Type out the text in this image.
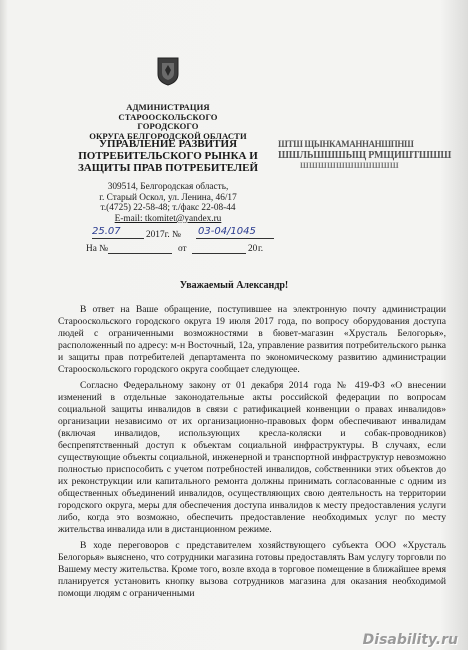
АДМИНИСТРАЦИЯ
СТАРООСКОЛЬСКОГО ГОРОДСКОГО
ОКРУГА БЕЛГОРОДСКОЙ ОБЛАСТИ
УПРАВЛЕНИЕ РАЗВИТИЯ
ПОТРЕБИТЕЛЬСКОГО РЫНКА И
ЗАЩИТЫ ПРАВ ПОТРЕБИТЕЛЕЙ
309514, Белгородская область,
г. Старый Оскол, ул. Ленина, 46/17
т.(4725) 22-58-48; т./факс 22-08-44
E-mail: tkomitet@yandex.ru
25.07	2017г. № 03-04/1045
На №	от	20 г.
ШТШ ЩЫНКАМАННАНШПНШ
ШШЛЬШШШЫЩ РМЩИШТШШШ
ШШШШШШШШШШШ
Уважаемый Александр!

В ответ на Ваше обращение, поступившее на электронную почту администрации Старооскольского городского округа 19 июля 2017 года, по вопросу оборудования доступа людей с ограниченными возможностями в бювет-магазин «Хрусталь Белогорья», расположенный по адресу: м-н Восточный, 12а, управление развития потребительского рынка и защиты прав потребителей департамента по экономическому развитию администрации Старооскольского городского округа сообщает следующее.

Согласно Федеральному закону от 01 декабря 2014 года № 419-ФЗ «О внесении изменений в отдельные законодательные акты российской федерации по вопросам социальной защиты инвалидов в связи с ратификацией конвенции о правах инвалидов» организации независимо от их организационно-правовых форм обеспечивают инвалидам (включая инвалидов, использующих кресла-коляски и собак-проводников) беспрепятственный доступ к объектам социальной инфраструктуры. В случаях, если существующие объекты социальной, инженерной и транспортной инфраструктур невозможно полностью приспособить с учетом потребностей инвалидов, собственники этих объектов до их реконструкции или капитального ремонта должны принимать согласованные с одним из общественных объединений инвалидов, осуществляющих свою деятельность на территории городского округа, меры для обеспечения доступа инвалидов к месту предоставления услуги либо, когда это возможно, обеспечить предоставление необходимых услуг по месту жительства инвалида или в дистанционном режиме.

В ходе переговоров с представителем хозяйствующего субъекта ООО «Хрусталь Белогорья» выяснено, что сотрудники магазина готовы предоставлять Вам услугу торговли по Вашему месту жительства. Кроме того, возле входа в торговое помещение в ближайшее время планируется установить кнопку вызова сотрудников магазина для оказания необходимой помощи людям с ограниченными

Disability.ru
